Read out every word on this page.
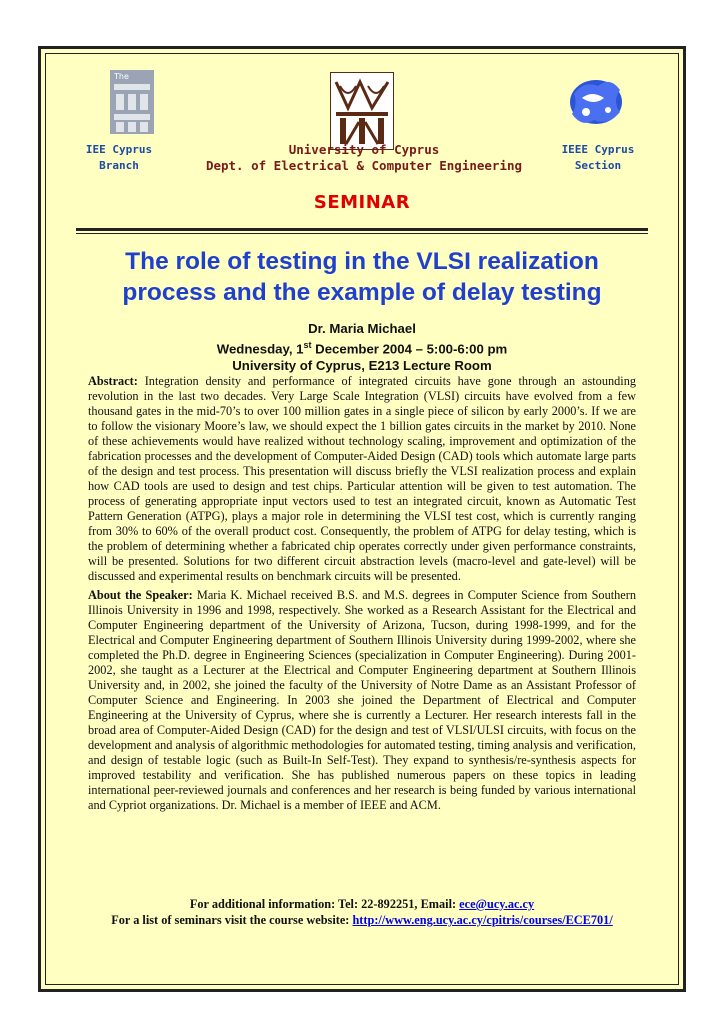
The
IEE Cyprus
Branch
University of Cyprus
Dept. of Electrical & Computer Engineering
IEEE Cyprus
Section
SEMINAR
The role of testing in the VLSI realization
process and the example of delay testing
Dr. Maria Michael
Wednesday, 1st December 2004 – 5:00-6:00 pm
University of Cyprus, E213 Lecture Room

Abstract: Integration density and performance of integrated circuits have gone through an astounding revolution in the last two decades. Very Large Scale Integration (VLSI) circuits have evolved from a few thousand gates in the mid-70’s to over 100 million gates in a single piece of silicon by early 2000’s. If we are to follow the visionary Moore’s law, we should expect the 1 billion gates circuits in the market by 2010. None of these achievements would have realized without technology scaling, improvement and optimization of the fabrication processes and the development of Computer-Aided Design (CAD) tools which automate large parts of the design and test process. This presentation will discuss briefly the VLSI realization process and explain how CAD tools are used to design and test chips. Particular attention will be given to test automation. The process of generating appropriate input vectors used to test an integrated circuit, known as Automatic Test Pattern Generation (ATPG), plays a major role in determining the VLSI test cost, which is currently ranging from 30% to 60% of the overall product cost. Consequently, the problem of ATPG for delay testing, which is the problem of determining whether a fabricated chip operates correctly under given performance constraints, will be presented. Solutions for two different circuit abstraction levels (macro-level and gate-level) will be discussed and experimental results on benchmark circuits will be presented.

About the Speaker: Maria K. Michael received B.S. and M.S. degrees in Computer Science from Southern Illinois University in 1996 and 1998, respectively. She worked as a Research Assistant for the Electrical and Computer Engineering department of the University of Arizona, Tucson, during 1998-1999, and for the Electrical and Computer Engineering department of Southern Illinois University during 1999-2002, where she completed the Ph.D. degree in Engineering Sciences (specialization in Computer Engineering). During 2001-2002, she taught as a Lecturer at the Electrical and Computer Engineering department at Southern Illinois University and, in 2002, she joined the faculty of the University of Notre Dame as an Assistant Professor of Computer Science and Engineering. In 2003 she joined the Department of Electrical and Computer Engineering at the University of Cyprus, where she is currently a Lecturer. Her research interests fall in the broad area of Computer-Aided Design (CAD) for the design and test of VLSI/ULSI circuits, with focus on the development and analysis of algorithmic methodologies for automated testing, timing analysis and verification, and design of testable logic (such as Built-In Self-Test). They expand to synthesis/re-synthesis aspects for improved testability and verification. She has published numerous papers on these topics in leading international peer-reviewed journals and conferences and her research is being funded by various international and Cypriot organizations. Dr. Michael is a member of IEEE and ACM.

For additional information: Tel: 22-892251, Email: ece@ucy.ac.cy
For a list of seminars visit the course website: http://www.eng.ucy.ac.cy/cpitris/courses/ECE701/
